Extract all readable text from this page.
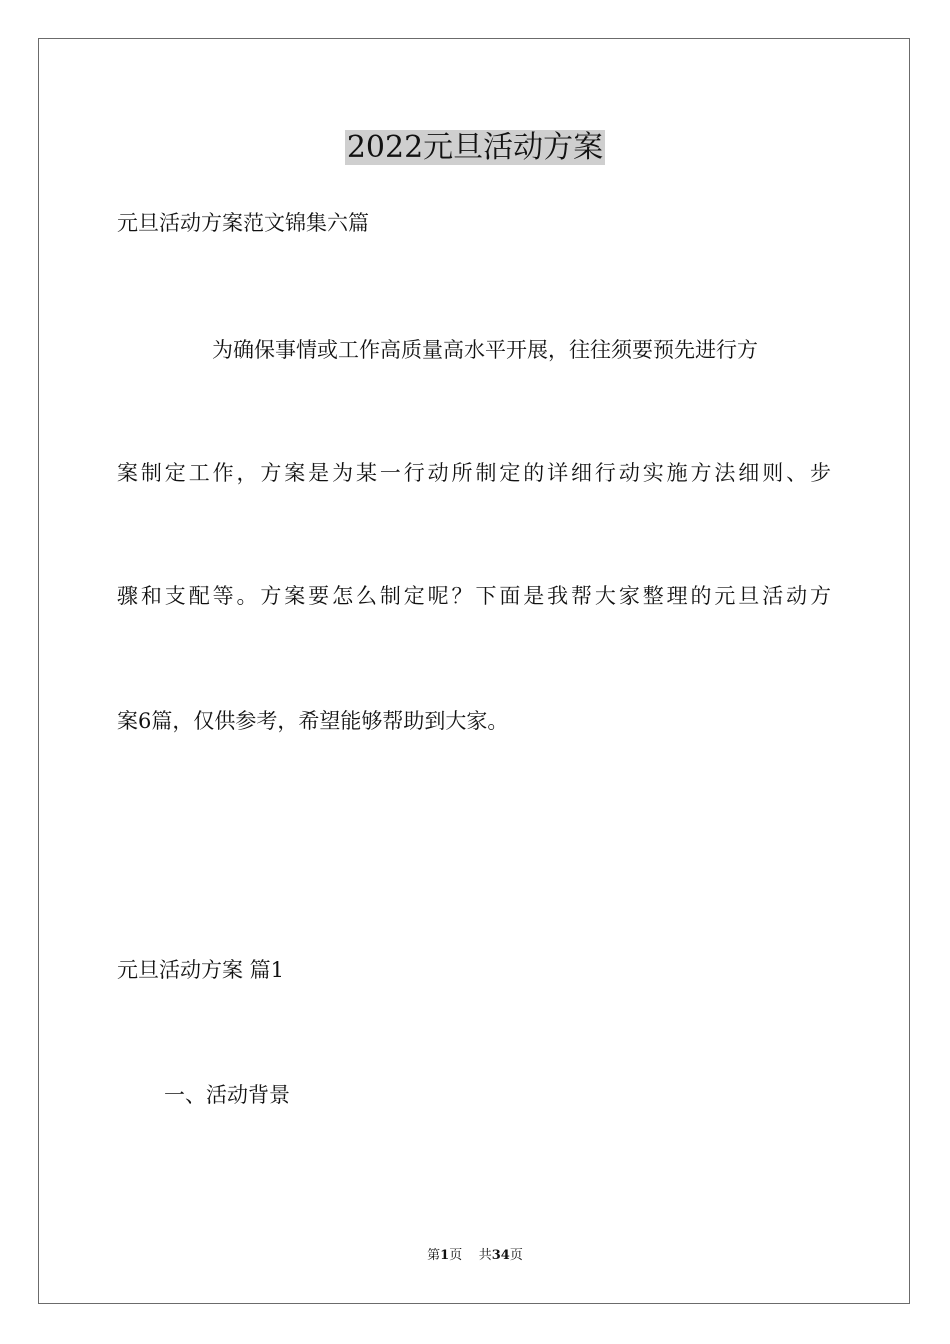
2022元旦活动方案
元旦活动方案范文锦集六篇
为确保事情或工作高质量高水平开展，往往须要预先进行方
案制定工作，方案是为某一行动所制定的详细行动实施方法细则、步
骤和支配等。方案要怎么制定呢？下面是我帮大家整理的元旦活动方
案6篇，仅供参考，希望能够帮助到大家。
元旦活动方案 篇1
一、活动背景
第1页 共34页
